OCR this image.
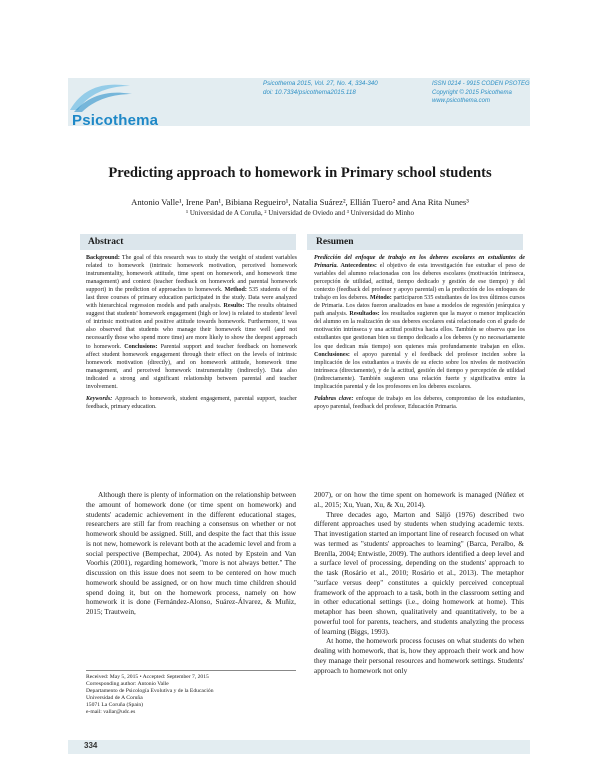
Psicothema
Psicothema 2015, Vol. 27, No. 4, 334-340
doi: 10.7334/psicothema2015.118
ISSN 0214 - 9915 CODEN PSOTEG
Copyright © 2015 Psicothema
www.psicothema.com
Predicting approach to homework in Primary school students
Antonio Valle¹, Irene Pan¹, Bibiana Regueiro¹, Natalia Suárez², Ellián Tuero² and Ana Rita Nunes³
¹ Universidad de A Coruña, ² Universidad de Oviedo and ³ Universidad do Minho
Abstract
Background: The goal of this research was to study the weight of student variables related to homework (intrinsic homework motivation, perceived homework instrumentality, homework attitude, time spent on homework, and homework time management) and context (teacher feedback on homework and parental homework support) in the prediction of approaches to homework. Method: 535 students of the last three courses of primary education participated in the study. Data were analyzed with hierarchical regression models and path analysis. Results: The results obtained suggest that students' homework engagement (high or low) is related to students' level of intrinsic motivation and positive attitude towards homework. Furthermore, it was also observed that students who manage their homework time well (and not necessarily those who spend more time) are more likely to show the deepest approach to homework. Conclusions: Parental support and teacher feedback on homework affect student homework engagement through their effect on the levels of intrinsic homework motivation (directly), and on homework attitude, homework time management, and perceived homework instrumentality (indirectly). Data also indicated a strong and significant relationship between parental and teacher involvement.
Keywords: Approach to homework, student engagement, parental support, teacher feedback, primary education.
Resumen
Predicción del enfoque de trabajo en los deberes escolares en estudiantes de Primaria. Antecedentes: el objetivo de esta investigación fue estudiar el peso de variables del alumno relacionadas con los deberes escolares (motivación intrínseca, percepción de utilidad, actitud, tiempo dedicado y gestión de ese tiempo) y del contexto (feedback del profesor y apoyo parental) en la predicción de los enfoques de trabajo en los deberes. Método: participaron 535 estudiantes de los tres últimos cursos de Primaria. Los datos fueron analizados en base a modelos de regresión jerárquica y path analysis. Resultados: los resultados sugieren que la mayor o menor implicación del alumno en la realización de sus deberes escolares está relacionado con el grado de motivación intrínseca y una actitud positiva hacia ellos. También se observa que los estudiantes que gestionan bien su tiempo dedicado a los deberes (y no necesariamente los que dedican más tiempo) son quienes más profundamente trabajan en ellos. Conclusiones: el apoyo parental y el feedback del profesor inciden sobre la implicación de los estudiantes a través de su efecto sobre los niveles de motivación intrínseca (directamente), y de la actitud, gestión del tiempo y percepción de utilidad (indirectamente). También sugieren una relación fuerte y significativa entre la implicación parental y de los profesores en los deberes escolares.
Palabras clave: enfoque de trabajo en los deberes, compromiso de los estudiantes, apoyo parental, feedback del profesor, Educación Primaria.

Although there is plenty of information on the relationship between the amount of homework done (or time spent on homework) and students' academic achievement in the different educational stages, researchers are still far from reaching a consensus on whether or not homework should be assigned. Still, and despite the fact that this issue is not new, homework is relevant both at the academic level and from a social perspective (Bempechat, 2004). As noted by Epstein and Van Voorhis (2001), regarding homework, "more is not always better." The discussion on this issue does not seem to be centered on how much homework should be assigned, or on how much time children should spend doing it, but on the homework process, namely on how homework it is done (Fernández-Alonso, Suárez-Álvarez, & Muñiz, 2015; Trautwein,

2007), or on how the time spent on homework is managed (Núñez et al., 2015; Xu, Yuan, Xu, & Xu, 2014).

Three decades ago, Marton and Säljö (1976) described two different approaches used by students when studying academic texts. That investigation started an important line of research focused on what was termed as "students' approaches to learning" (Barca, Peralbo, & Brenlla, 2004; Entwistle, 2009). The authors identified a deep level and a surface level of processing, depending on the students' approach to the task (Rosário et al., 2010; Rosário et al., 2013). The metaphor "surface versus deep" constitutes a quickly perceived conceptual framework of the approach to a task, both in the classroom setting and in other educational settings (i.e., doing homework at home). This metaphor has been shown, qualitatively and quantitatively, to be a powerful tool for parents, teachers, and students analyzing the process of learning (Biggs, 1993).

At home, the homework process focuses on what students do when dealing with homework, that is, how they approach their work and how they manage their personal resources and homework settings. Students' approach to homework not only

Received: May 5, 2015 • Accepted: September 7, 2015
Corresponding author: Antonio Valle
Departamento de Psicología Evolutiva y de la Educación
Universidad de A Coruña
15071 La Coruña (Spain)
e-mail: vallar@udc.es
334
